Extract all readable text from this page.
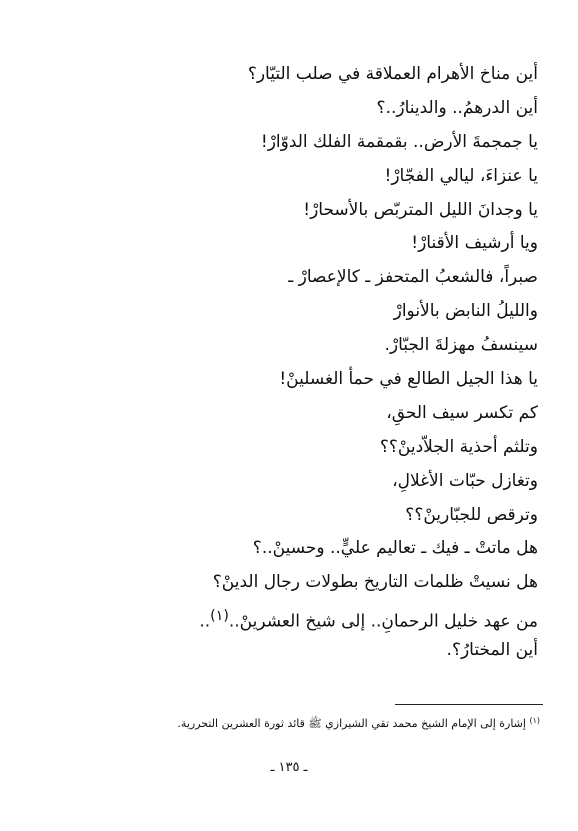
أين مناخ الأهرام العملاقة في صلب التيّار؟
أين الدرهمُ.. والدينارُ..؟
يا جمجمةَ الأرض.. بقمقمة الفلك الدوّارْ!
يا عنزاءَ، ليالي الفجّارْ!
يا وجدانَ الليل المتربّص بالأسحارْ!
ويا أرشيف الأقنارْ!
صبراً، فالشعبُ المتحفز ـ كالإعصارْ ـ
والليلُ النابض بالأنوارْ
سينسفُ مهزلةَ الجبّارْ.
يا هذا الجيل الطالع في حمأ الغسلينْ!
كم تكسر سيف الحقِ،
وتلثم أحذية الجلاّدينْ؟؟
وتغازل حبّات الأغلالِ،
وترقص للجبّارينْ؟؟
هل ماتتْ ـ فيك ـ تعاليم عليٍّ.. وحسينْ..؟
هل نسيتْ ظلمات التاريخ بطولات رجال الدينْ؟
من عهد خليل الرحمانِ.. إلى شيخ العشرينْ..$^{(١)}$..
أين المختارُ؟.
$^{(١)}$ إشارة إلى الإمام الشيخ محمد تقي الشيرازي ﷺ قائد ثورة العشرين التحررية.
ـ ١٣٥ ـ
